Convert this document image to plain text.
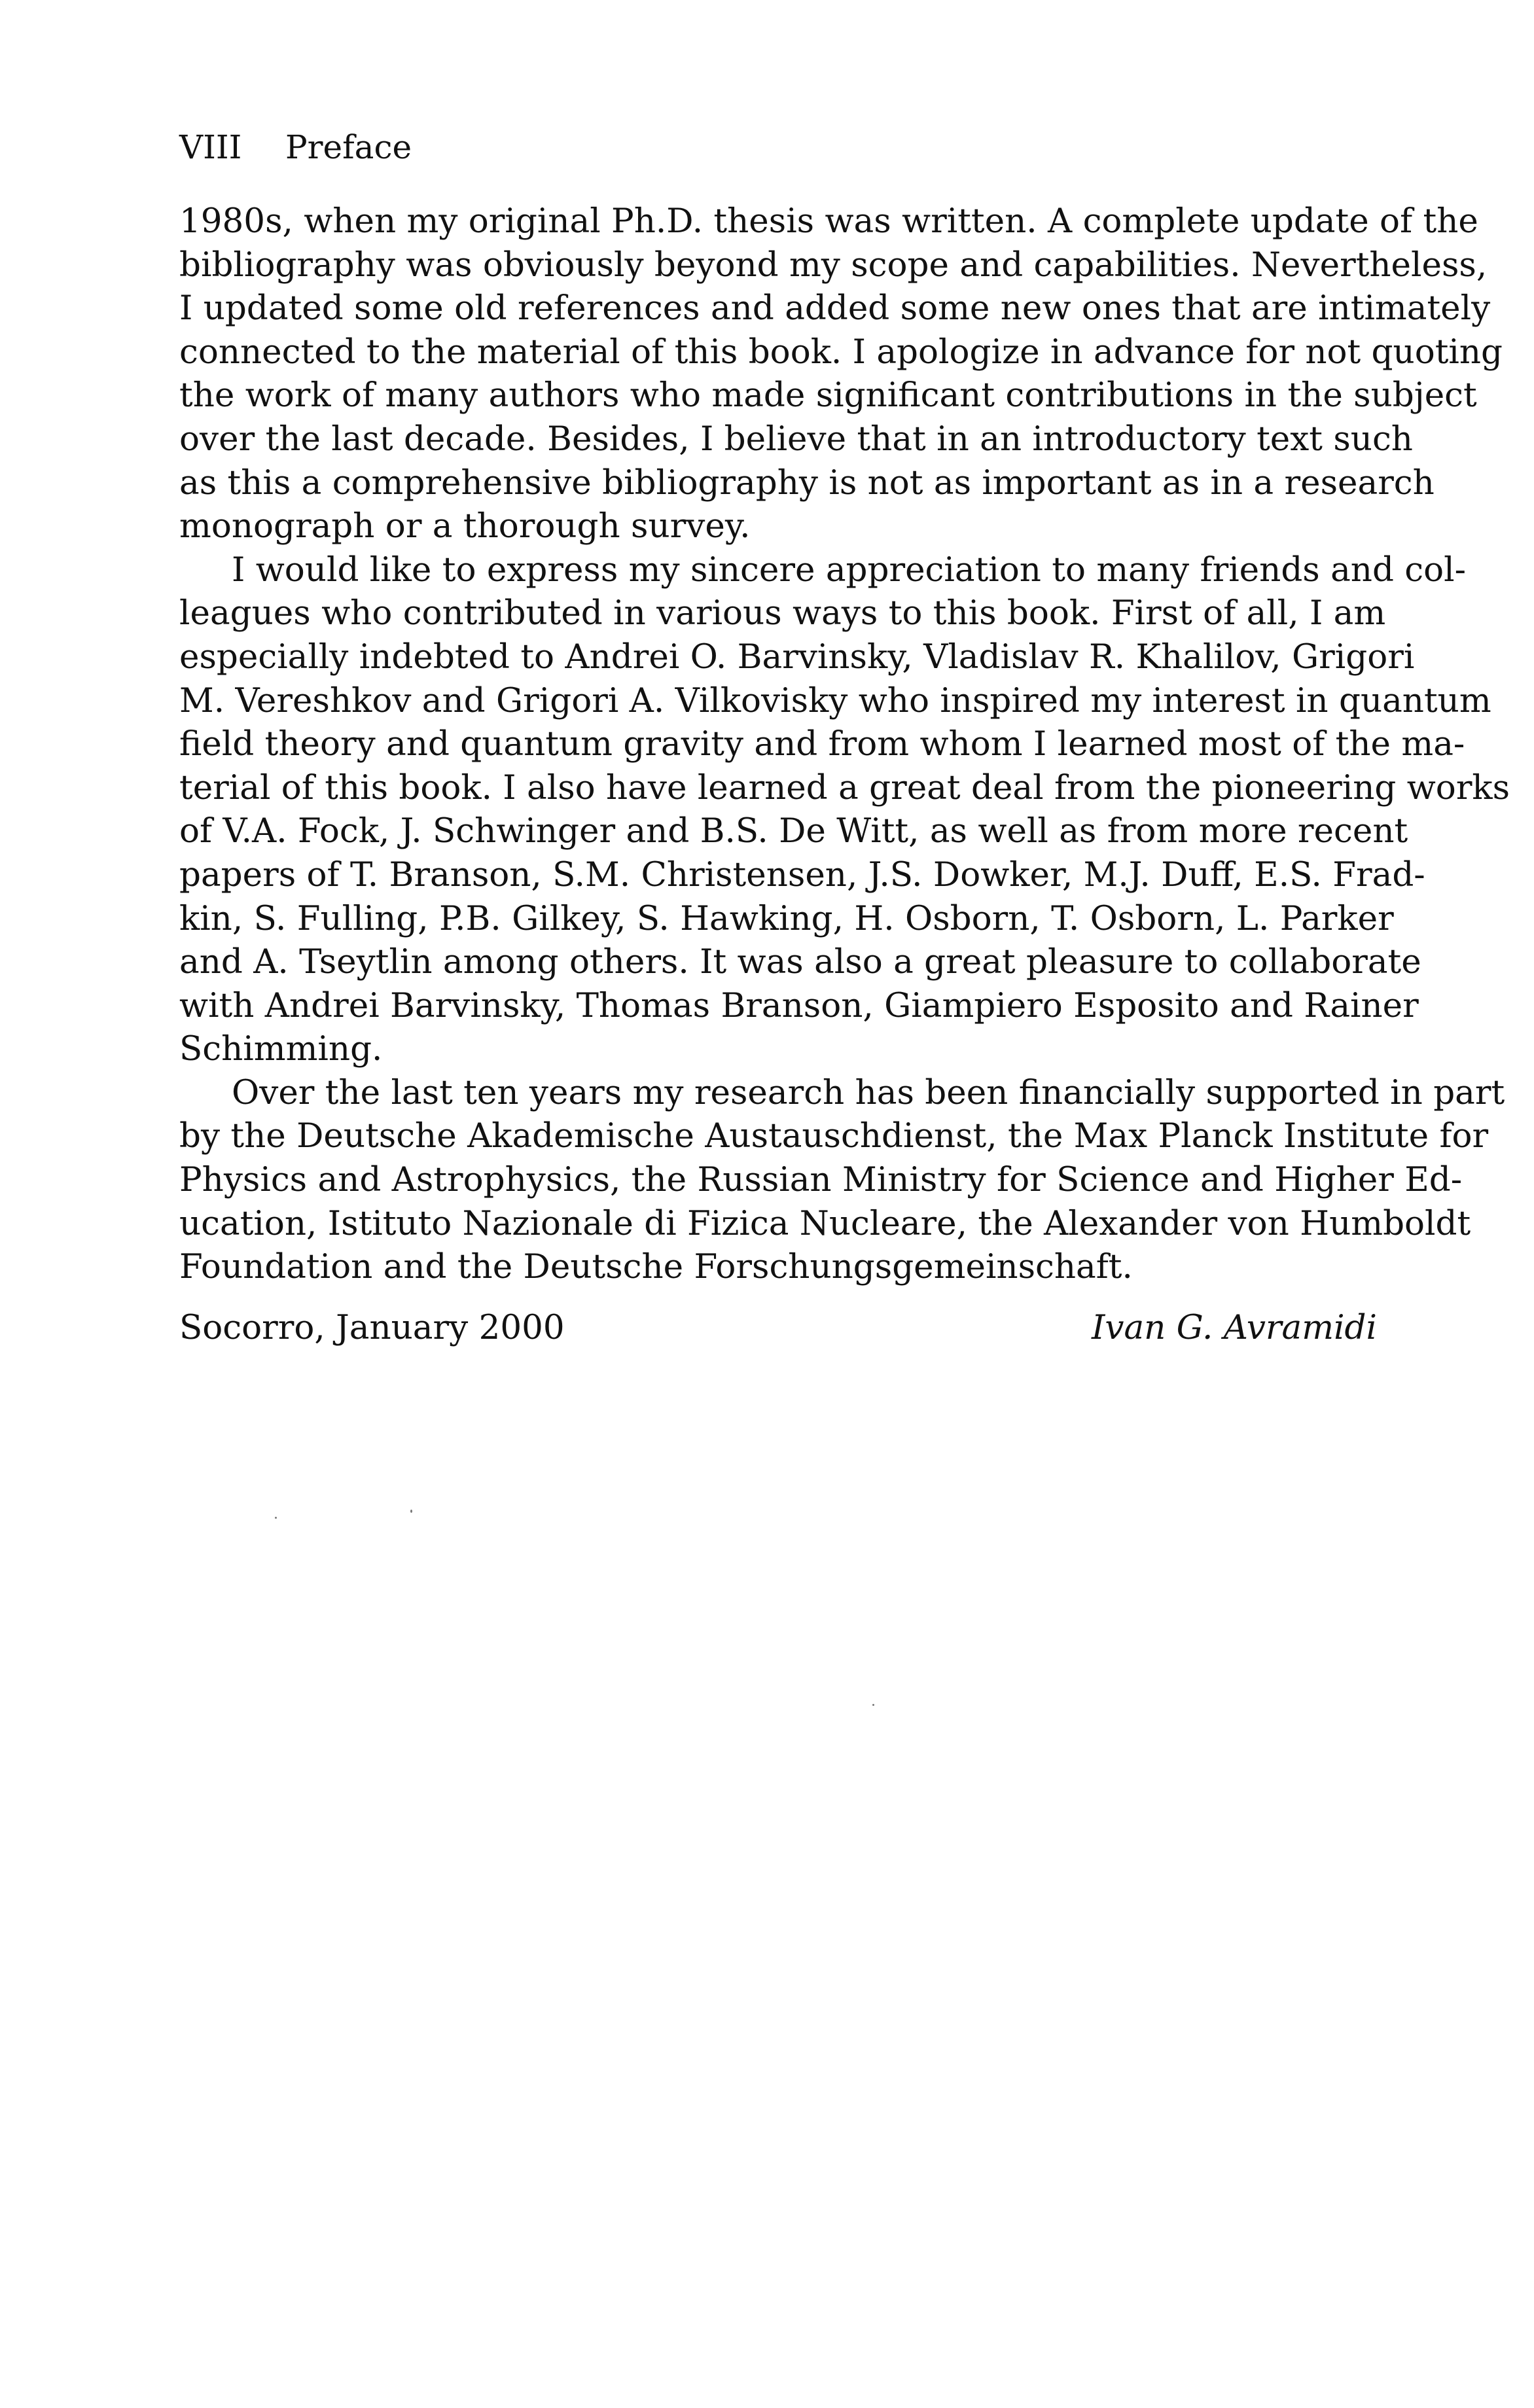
VIII Preface
1980s, when my original Ph.D. thesis was written. A complete update of the
bibliography was obviously beyond my scope and capabilities. Nevertheless,
I updated some old references and added some new ones that are intimately
connected to the material of this book. I apologize in advance for not quoting
the work of many authors who made significant contributions in the subject
over the last decade. Besides, I believe that in an introductory text such
as this a comprehensive bibliography is not as important as in a research
monograph or a thorough survey.
I would like to express my sincere appreciation to many friends and col-
leagues who contributed in various ways to this book. First of all, I am
especially indebted to Andrei O. Barvinsky, Vladislav R. Khalilov, Grigori
M. Vereshkov and Grigori A. Vilkovisky who inspired my interest in quantum
field theory and quantum gravity and from whom I learned most of the ma-
terial of this book. I also have learned a great deal from the pioneering works
of V.A. Fock, J. Schwinger and B.S. De Witt, as well as from more recent
papers of T. Branson, S.M. Christensen, J.S. Dowker, M.J. Duff, E.S. Frad-
kin, S. Fulling, P.B. Gilkey, S. Hawking, H. Osborn, T. Osborn, L. Parker
and A. Tseytlin among others. It was also a great pleasure to collaborate
with Andrei Barvinsky, Thomas Branson, Giampiero Esposito and Rainer
Schimming.
Over the last ten years my research has been financially supported in part
by the Deutsche Akademische Austauschdienst, the Max Planck Institute for
Physics and Astrophysics, the Russian Ministry for Science and Higher Ed-
ucation, Istituto Nazionale di Fizica Nucleare, the Alexander von Humboldt
Foundation and the Deutsche Forschungsgemeinschaft.
Socorro, January 2000	Ivan G. Avramidi
